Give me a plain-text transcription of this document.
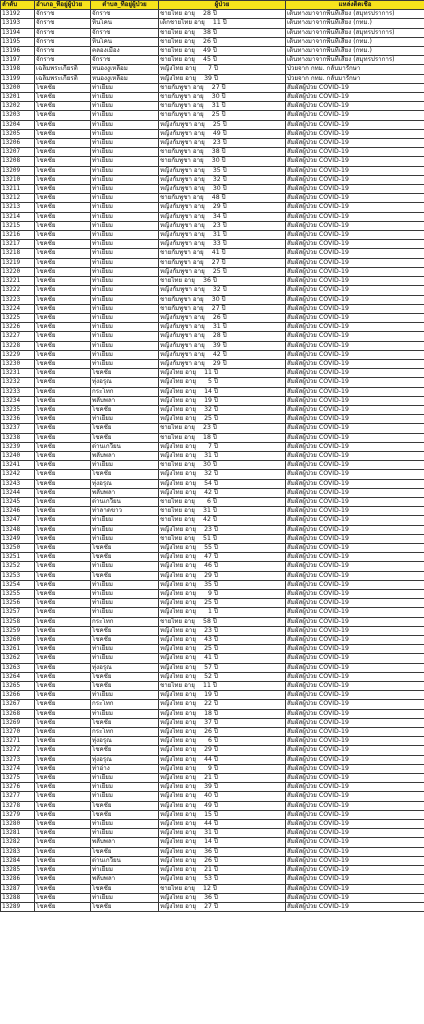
ลำดับ	อำเภอ_ที่อยู่ผู้ป่วย	ตำบล_ที่อยู่ผู้ป่วย	ผู้ป่วย	แหล่งติดเชื้อ
13192	จักราช	จักราช	ชายไทย อายุ 28 ปี	เดินทางมาจากพื้นที่เสี่ยง (สมุทรปราการ)
13193	จักราช	หินโคน	เด็กชายไทย อายุ 11 ปี	เดินทางมาจากพื้นที่เสี่ยง (กทม.)
13194	จักราช	จักราช	ชายไทย อายุ 38 ปี	เดินทางมาจากพื้นที่เสี่ยง (สมุทรปราการ)
13195	จักราช	หินโคน	ชายไทย อายุ 26 ปี	เดินทางมาจากพื้นที่เสี่ยง (กทม.)
13196	จักราช	คลองเมือง	ชายไทย อายุ 49 ปี	เดินทางมาจากพื้นที่เสี่ยง (กทม.)
13197	จักราช	จักราช	ชายไทย อายุ 45 ปี	เดินทางมาจากพื้นที่เสี่ยง (สมุทรปราการ)
13198	เฉลิมพระเกียรติ	หนองงูเหลือม	หญิงไทย อายุ 7 ปี	ป่วยจาก กทม. กลับมารักษา
13199	เฉลิมพระเกียรติ	หนองงูเหลือม	หญิงไทย อายุ 39 ปี	ป่วยจาก กทม. กลับมารักษา
13200	โชคชัย	ท่าเยี่ยม	ชายกัมพูชา อายุ 27 ปี	สัมผัสผู้ป่วย COVID-19
13201	โชคชัย	ท่าเยี่ยม	ชายกัมพูชา อายุ 30 ปี	สัมผัสผู้ป่วย COVID-19
13202	โชคชัย	ท่าเยี่ยม	ชายกัมพูชา อายุ 31 ปี	สัมผัสผู้ป่วย COVID-19
13203	โชคชัย	ท่าเยี่ยม	ชายกัมพูชา อายุ 25 ปี	สัมผัสผู้ป่วย COVID-19
13204	โชคชัย	ท่าเยี่ยม	หญิงกัมพูชา อายุ 25 ปี	สัมผัสผู้ป่วย COVID-19
13205	โชคชัย	ท่าเยี่ยม	หญิงกัมพูชา อายุ 49 ปี	สัมผัสผู้ป่วย COVID-19
13206	โชคชัย	ท่าเยี่ยม	หญิงกัมพูชา อายุ 23 ปี	สัมผัสผู้ป่วย COVID-19
13207	โชคชัย	ท่าเยี่ยม	ชายกัมพูชา อายุ 38 ปี	สัมผัสผู้ป่วย COVID-19
13208	โชคชัย	ท่าเยี่ยม	ชายกัมพูชา อายุ 30 ปี	สัมผัสผู้ป่วย COVID-19
13209	โชคชัย	ท่าเยี่ยม	หญิงกัมพูชา อายุ 35 ปี	สัมผัสผู้ป่วย COVID-19
13210	โชคชัย	ท่าเยี่ยม	หญิงกัมพูชา อายุ 32 ปี	สัมผัสผู้ป่วย COVID-19
13211	โชคชัย	ท่าเยี่ยม	หญิงกัมพูชา อายุ 30 ปี	สัมผัสผู้ป่วย COVID-19
13212	โชคชัย	ท่าเยี่ยม	ชายกัมพูชา อายุ 48 ปี	สัมผัสผู้ป่วย COVID-19
13213	โชคชัย	ท่าเยี่ยม	หญิงกัมพูชา อายุ 29 ปี	สัมผัสผู้ป่วย COVID-19
13214	โชคชัย	ท่าเยี่ยม	หญิงกัมพูชา อายุ 34 ปี	สัมผัสผู้ป่วย COVID-19
13215	โชคชัย	ท่าเยี่ยม	หญิงกัมพูชา อายุ 23 ปี	สัมผัสผู้ป่วย COVID-19
13216	โชคชัย	ท่าเยี่ยม	หญิงกัมพูชา อายุ 31 ปี	สัมผัสผู้ป่วย COVID-19
13217	โชคชัย	ท่าเยี่ยม	หญิงกัมพูชา อายุ 33 ปี	สัมผัสผู้ป่วย COVID-19
13218	โชคชัย	ท่าเยี่ยม	ชายกัมพูชา อายุ 41 ปี	สัมผัสผู้ป่วย COVID-19
13219	โชคชัย	ท่าเยี่ยม	ชายกัมพูชา อายุ 27 ปี	สัมผัสผู้ป่วย COVID-19
13220	โชคชัย	ท่าเยี่ยม	หญิงกัมพูชา อายุ 25 ปี	สัมผัสผู้ป่วย COVID-19
13221	โชคชัย	ท่าเยี่ยม	ชายไทย อายุ 36 ปี	สัมผัสผู้ป่วย COVID-19
13222	โชคชัย	ท่าเยี่ยม	หญิงกัมพูชา อายุ 32 ปี	สัมผัสผู้ป่วย COVID-19
13223	โชคชัย	ท่าเยี่ยม	ชายกัมพูชา อายุ 30 ปี	สัมผัสผู้ป่วย COVID-19
13224	โชคชัย	ท่าเยี่ยม	ชายกัมพูชา อายุ 27 ปี	สัมผัสผู้ป่วย COVID-19
13225	โชคชัย	ท่าเยี่ยม	หญิงกัมพูชา อายุ 26 ปี	สัมผัสผู้ป่วย COVID-19
13226	โชคชัย	ท่าเยี่ยม	หญิงกัมพูชา อายุ 31 ปี	สัมผัสผู้ป่วย COVID-19
13227	โชคชัย	ท่าเยี่ยม	หญิงกัมพูชา อายุ 28 ปี	สัมผัสผู้ป่วย COVID-19
13228	โชคชัย	ท่าเยี่ยม	หญิงกัมพูชา อายุ 39 ปี	สัมผัสผู้ป่วย COVID-19
13229	โชคชัย	ท่าเยี่ยม	หญิงกัมพูชา อายุ 42 ปี	สัมผัสผู้ป่วย COVID-19
13230	โชคชัย	ท่าเยี่ยม	หญิงกัมพูชา อายุ 29 ปี	สัมผัสผู้ป่วย COVID-19
13231	โชคชัย	โชคชัย	หญิงไทย อายุ 11 ปี	สัมผัสผู้ป่วย COVID-19
13232	โชคชัย	ทุ่งอรุณ	หญิงไทย อายุ 5 ปี	สัมผัสผู้ป่วย COVID-19
13233	โชคชัย	กระโทก	หญิงไทย อายุ 14 ปี	สัมผัสผู้ป่วย COVID-19
13234	โชคชัย	พลับพลา	หญิงไทย อายุ 19 ปี	สัมผัสผู้ป่วย COVID-19
13235	โชคชัย	โชคชัย	หญิงไทย อายุ 32 ปี	สัมผัสผู้ป่วย COVID-19
13236	โชคชัย	ท่าเยี่ยม	หญิงไทย อายุ 25 ปี	สัมผัสผู้ป่วย COVID-19
13237	โชคชัย	โชคชัย	ชายไทย อายุ 23 ปี	สัมผัสผู้ป่วย COVID-19
13238	โชคชัย	โชคชัย	ชายไทย อายุ 18 ปี	สัมผัสผู้ป่วย COVID-19
13239	โชคชัย	ด่านเกวียน	หญิงไทย อายุ 7 ปี	สัมผัสผู้ป่วย COVID-19
13240	โชคชัย	พลับพลา	หญิงไทย อายุ 31 ปี	สัมผัสผู้ป่วย COVID-19
13241	โชคชัย	ท่าเยี่ยม	ชายไทย อายุ 30 ปี	สัมผัสผู้ป่วย COVID-19
13242	โชคชัย	โชคชัย	หญิงไทย อายุ 32 ปี	สัมผัสผู้ป่วย COVID-19
13243	โชคชัย	ทุ่งอรุณ	หญิงไทย อายุ 54 ปี	สัมผัสผู้ป่วย COVID-19
13244	โชคชัย	พลับพลา	หญิงไทย อายุ 42 ปี	สัมผัสผู้ป่วย COVID-19
13245	โชคชัย	ด่านเกวียน	ชายไทย อายุ 6 ปี	สัมผัสผู้ป่วย COVID-19
13246	โชคชัย	ท่าลาดขาว	ชายไทย อายุ 31 ปี	สัมผัสผู้ป่วย COVID-19
13247	โชคชัย	ท่าเยี่ยม	ชายไทย อายุ 42 ปี	สัมผัสผู้ป่วย COVID-19
13248	โชคชัย	ท่าเยี่ยม	หญิงไทย อายุ 23 ปี	สัมผัสผู้ป่วย COVID-19
13249	โชคชัย	ท่าเยี่ยม	ชายไทย อายุ 51 ปี	สัมผัสผู้ป่วย COVID-19
13250	โชคชัย	โชคชัย	หญิงไทย อายุ 55 ปี	สัมผัสผู้ป่วย COVID-19
13251	โชคชัย	โชคชัย	หญิงไทย อายุ 47 ปี	สัมผัสผู้ป่วย COVID-19
13252	โชคชัย	ท่าเยี่ยม	หญิงไทย อายุ 46 ปี	สัมผัสผู้ป่วย COVID-19
13253	โชคชัย	โชคชัย	หญิงไทย อายุ 29 ปี	สัมผัสผู้ป่วย COVID-19
13254	โชคชัย	ท่าเยี่ยม	หญิงไทย อายุ 35 ปี	สัมผัสผู้ป่วย COVID-19
13255	โชคชัย	ท่าเยี่ยม	หญิงไทย อายุ 9 ปี	สัมผัสผู้ป่วย COVID-19
13256	โชคชัย	ท่าเยี่ยม	หญิงไทย อายุ 25 ปี	สัมผัสผู้ป่วย COVID-19
13257	โชคชัย	ท่าเยี่ยม	หญิงไทย อายุ 1 ปี	สัมผัสผู้ป่วย COVID-19
13258	โชคชัย	กระโทก	ชายไทย อายุ 58 ปี	สัมผัสผู้ป่วย COVID-19
13259	โชคชัย	โชคชัย	หญิงไทย อายุ 23 ปี	สัมผัสผู้ป่วย COVID-19
13260	โชคชัย	โชคชัย	หญิงไทย อายุ 43 ปี	สัมผัสผู้ป่วย COVID-19
13261	โชคชัย	ท่าเยี่ยม	หญิงไทย อายุ 25 ปี	สัมผัสผู้ป่วย COVID-19
13262	โชคชัย	ท่าเยี่ยม	หญิงไทย อายุ 41 ปี	สัมผัสผู้ป่วย COVID-19
13263	โชคชัย	ทุ่งอรุณ	หญิงไทย อายุ 57 ปี	สัมผัสผู้ป่วย COVID-19
13264	โชคชัย	โชคชัย	หญิงไทย อายุ 52 ปี	สัมผัสผู้ป่วย COVID-19
13265	โชคชัย	โชคชัย	ชายไทย อายุ 11 ปี	สัมผัสผู้ป่วย COVID-19
13266	โชคชัย	ท่าเยี่ยม	หญิงไทย อายุ 19 ปี	สัมผัสผู้ป่วย COVID-19
13267	โชคชัย	กระโทก	หญิงไทย อายุ 22 ปี	สัมผัสผู้ป่วย COVID-19
13268	โชคชัย	ท่าเยี่ยม	หญิงไทย อายุ 18 ปี	สัมผัสผู้ป่วย COVID-19
13269	โชคชัย	โชคชัย	หญิงไทย อายุ 37 ปี	สัมผัสผู้ป่วย COVID-19
13270	โชคชัย	กระโทก	หญิงไทย อายุ 26 ปี	สัมผัสผู้ป่วย COVID-19
13271	โชคชัย	ทุ่งอรุณ	หญิงไทย อายุ 6 ปี	สัมผัสผู้ป่วย COVID-19
13272	โชคชัย	โชคชัย	หญิงไทย อายุ 29 ปี	สัมผัสผู้ป่วย COVID-19
13273	โชคชัย	ทุ่งอรุณ	หญิงไทย อายุ 44 ปี	สัมผัสผู้ป่วย COVID-19
13274	โชคชัย	ท่าอ่าง	หญิงไทย อายุ 9 ปี	สัมผัสผู้ป่วย COVID-19
13275	โชคชัย	ท่าเยี่ยม	หญิงไทย อายุ 21 ปี	สัมผัสผู้ป่วย COVID-19
13276	โชคชัย	ท่าเยี่ยม	หญิงไทย อายุ 39 ปี	สัมผัสผู้ป่วย COVID-19
13277	โชคชัย	ท่าเยี่ยม	หญิงไทย อายุ 40 ปี	สัมผัสผู้ป่วย COVID-19
13278	โชคชัย	โชคชัย	หญิงไทย อายุ 49 ปี	สัมผัสผู้ป่วย COVID-19
13279	โชคชัย	โชคชัย	หญิงไทย อายุ 15 ปี	สัมผัสผู้ป่วย COVID-19
13280	โชคชัย	ท่าเยี่ยม	หญิงไทย อายุ 44 ปี	สัมผัสผู้ป่วย COVID-19
13281	โชคชัย	ท่าเยี่ยม	หญิงไทย อายุ 31 ปี	สัมผัสผู้ป่วย COVID-19
13282	โชคชัย	พลับพลา	หญิงไทย อายุ 14 ปี	สัมผัสผู้ป่วย COVID-19
13283	โชคชัย	โชคชัย	หญิงไทย อายุ 36 ปี	สัมผัสผู้ป่วย COVID-19
13284	โชคชัย	ด่านเกวียน	หญิงไทย อายุ 26 ปี	สัมผัสผู้ป่วย COVID-19
13285	โชคชัย	ท่าเยี่ยม	หญิงไทย อายุ 21 ปี	สัมผัสผู้ป่วย COVID-19
13286	โชคชัย	พลับพลา	หญิงไทย อายุ 53 ปี	สัมผัสผู้ป่วย COVID-19
13287	โชคชัย	โชคชัย	ชายไทย อายุ 12 ปี	สัมผัสผู้ป่วย COVID-19
13288	โชคชัย	ท่าเยี่ยม	หญิงไทย อายุ 36 ปี	สัมผัสผู้ป่วย COVID-19
13289	โชคชัย	โชคชัย	หญิงไทย อายุ 27 ปี	สัมผัสผู้ป่วย COVID-19
